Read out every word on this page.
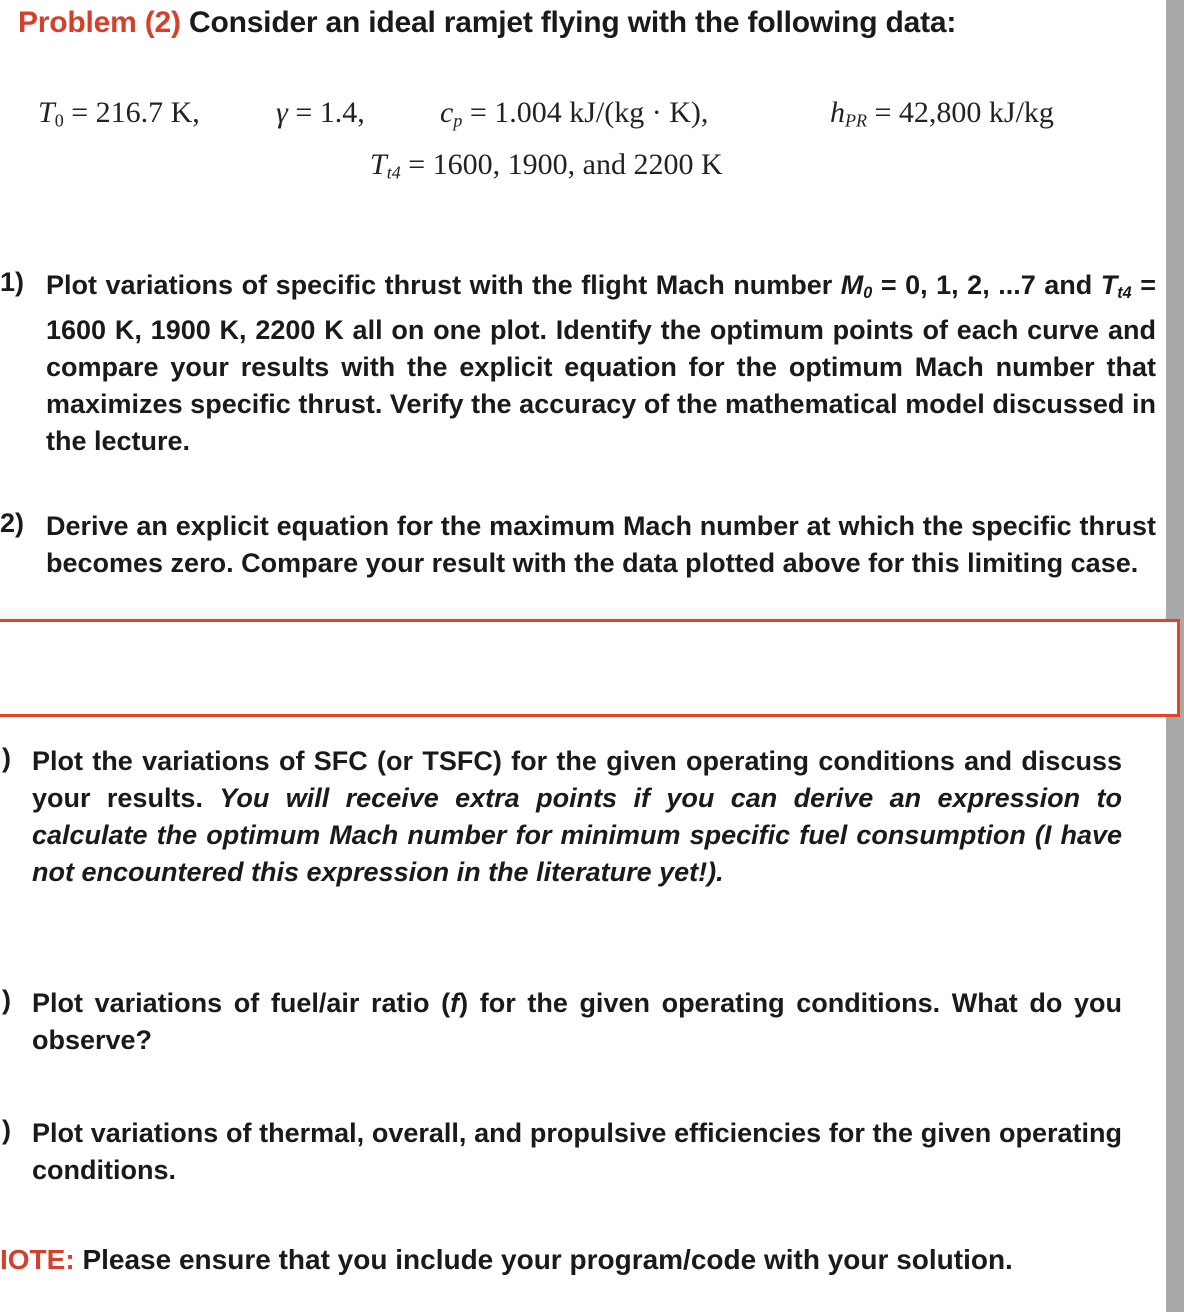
Problem (2) Consider an ideal ramjet flying with the following data:
$T_0 = 216.7$ K,	γ = 1.4,	$c_p = 1.004$ kJ/(kg · K),	$h_{PR} = 42,800$ kJ/kg
$T_{t4} = 1600$, 1900, and 2200 K
1) Plot variations of specific thrust with the flight Mach number $M_0 = 0$, 1, 2, ...7 and $T_{t4} = 1600$ K, 1900 K, 2200 K all on one plot. Identify the optimum points of each curve and compare your results with the explicit equation for the optimum Mach number that maximizes specific thrust. Verify the accuracy of the mathematical model discussed in the lecture.
2) Derive an explicit equation for the maximum Mach number at which the specific thrust becomes zero. Compare your result with the data plotted above for this limiting case.
) Plot the variations of SFC (or TSFC) for the given operating conditions and discuss your results. You will receive extra points if you can derive an expression to calculate the optimum Mach number for minimum specific fuel consumption (I have not encountered this expression in the literature yet!).
) Plot variations of fuel/air ratio (f) for the given operating conditions. What do you observe?
) Plot variations of thermal, overall, and propulsive efficiencies for the given operating conditions.
IOTE: Please ensure that you include your program/code with your solution.
